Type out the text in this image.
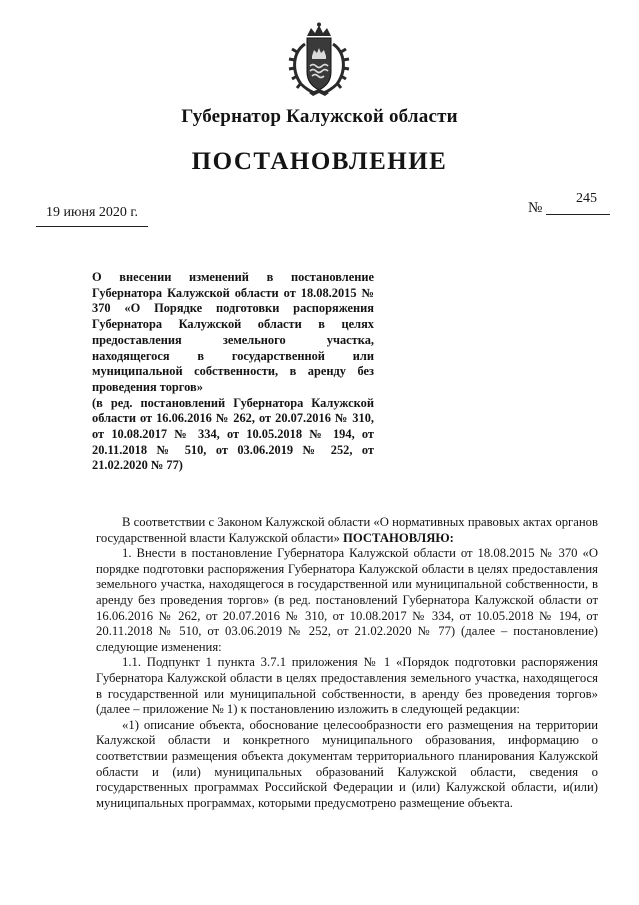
Губернатор Калужской области
ПОСТАНОВЛЕНИЕ
19 июня 2020 г.	№
245

О внесении изменений в постановление Губернатора Калужской области от 18.08.2015 № 370 «О Порядке подготовки распоряжения Губернатора Калужской области в целях предоставления земельного участка, находящегося в государственной или муниципальной собственности, в аренду без проведения торгов»

(в ред. постановлений Губернатора Калужской области от 16.06.2016 № 262, от 20.07.2016 № 310, от 10.08.2017 № 334, от 10.05.2018 № 194, от 20.11.2018 № 510, от 03.06.2019 № 252, от 21.02.2020 № 77)

В соответствии с Законом Калужской области «О нормативных правовых актах органов государственной власти Калужской области» ПОСТАНОВЛЯЮ:

1. Внести в постановление Губернатора Калужской области от 18.08.2015 № 370 «О порядке подготовки распоряжения Губернатора Калужской области в целях предоставления земельного участка, находящегося в государственной или муниципальной собственности, в аренду без проведения торгов» (в ред. постановлений Губернатора Калужской области от 16.06.2016 № 262, от 20.07.2016 № 310, от 10.08.2017 № 334, от 10.05.2018 № 194, от 20.11.2018 № 510, от 03.06.2019 № 252, от 21.02.2020 № 77) (далее – постановление) следующие изменения:

1.1. Подпункт 1 пункта 3.7.1 приложения № 1 «Порядок подготовки распоряжения Губернатора Калужской области в целях предоставления земельного участка, находящегося в государственной или муниципальной собственности, в аренду без проведения торгов» (далее – приложение № 1) к постановлению изложить в следующей редакции:

«1) описание объекта, обоснование целесообразности его размещения на территории Калужской области и конкретного муниципального образования, информацию о соответствии размещения объекта документам территориального планирования Калужской области и (или) муниципальных образований Калужской области, сведения о государственных программах Российской Федерации и (или) Калужской области, и(или) муниципальных программах, которыми предусмотрено размещение объекта.
